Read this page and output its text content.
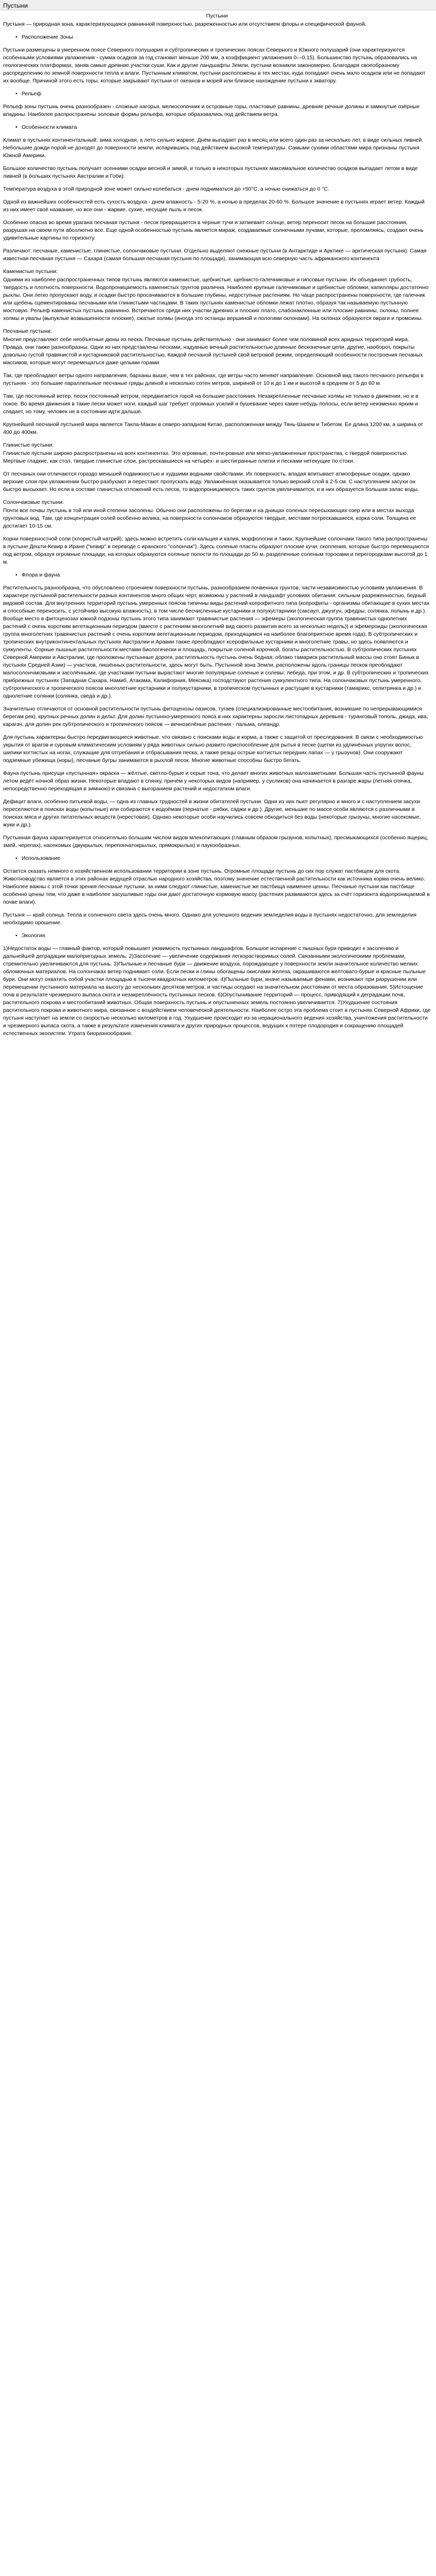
Пустыни
Пустыни

Пустыня — природная зона, характеризующаяся равнинной поверхностью, разреженностью или отсутствием флоры и специфической фауной.

• Расположение Зоны

Пустыни размещены в умеренном поясе Северного полушария и субтропических и тропических поясах Северного и Южного полушарий (они характеризуются особенными условиями увлажнения - сумма осадков за год становит меньше 200 мм, а коэффициент увлажнения 0—0,15). Большинство пустынь образовались на геологических платформах, заняв самые древние участки суши. Как и другие ландшафты Земли, пустыни возникли закономерно. Благодаря своеобразному распределению по земной поверхности тепла и влаги. Пустынным климатом, пустыни расположены в тех местах, куда попадают очень мало осадков или не попадают их вообще. Причиной этого есть горы, которые закрывают пустыни от океанов и морей или близкое нахождение пустыни к экватору.

• Рельеф

Рельеф зоны пустынь очень разнообразен - сложные нагорья, мелкосопочник и островные горы, пластовые равнины, древние речные долины и замкнутые озёрные впадины. Наиболее распространены эоловые формы рельефа, которые образовались под действием ветра.

• Особенности климата

Климат в пустынях континентальный: зима холодная, а лето сильно жаркое. Днём выпадает раз в месяц или всего один раз за несколько лет, в виде сильных ливней. Небольшие дожди порой не доходят до поверхности земли, испарившись под действием высокой температуры. Самыми сухими областями мира признаны пустыня Южной Америки.

Большое количество пустынь получает осенними осадки весной и зимой, и только в некоторых пустынях максимальное количество осадков выпадает летом в виде ливней (в больших пустынях Австралии и Гоби).

Температура воздуха в этой природной зоне может сильно колебаться - днем подниматься до +50°С, а ночью снижаться до 0 °С.

Одной из важнейших особенностей есть сухость воздуха - днем влажность - 5-20 %, а ночью в пределах 20-60 %. Большое значение в пустынях играет ветер. Каждый из них имеет своё название, но все они - жаркие, сухие, несущие пыль и песок.

Особенно опасна во время урагана песчаная пустыня - песок превращается в черные тучи и затмевает солнце, ветер переносит песок на большие расстояния, разрушая на своем пути абсолютно все. Еще одной особенностью пустынь является мираж, создаваемые солнечными лучами, которые, преломляясь, создают очень удивительные картины по горизонту.

Различают: песчаные, каменистые, глинистые, солончаковые пустыни. Отдельно выделяют снежные пустыни (в Антарктиде и Арктике — арктическая пустыня). Самая известная песчаная пустыня — Сахара (самая большая песчаная пустыня по площади), занимающая всю северную часть африканского континента

Каменистые пустыни:

Одними из наиболее распространенных типов пустынь являются каменистые, щебнистые, щебнисто-галечниковые и гипсовые пустыни. Их объединяет грубость, твердость и плотность поверхности. Водопроницаемость каменистых грунтов различна. Наиболее крупные галечниковые и щебнистые обломки, капилляры достаточно рыхлы. Они легко пропускают воду, и осадки быстро просачиваются в большие глубины, недоступные растениям. Но чаще распространены поверхности, где галечник или щебень сцементированы песчаными или глинистыми частицами. В таких пустынях каменистые обломки лежат плотно, образуя так называемую пустынную мостовую. Рельеф каменистых пустынь равнинно. Встречаются среди них участки древних и плоских плато, слабонаклонные или плоские равнины, склоны, полнее холмы и увалы (выпуклые возвышенности плоские), сжатые холмы (иногда это останцы вершиной и пологими склонами). На склонах образуются овраги и промоины.

Песчаные пустыни:

Многие представляют себе необъятные дюны из песка. Песчаные пустынь действительно - они занимают более чем половиной всех аридных территорий мира. Правда, они также разнообразны. Одни из них представлены песками, надувные вечный растительностью длинные бесконечные цепи, другие, наоборот, покрыты довольно густой травянистой и кустарниковой растительностью. Каждой песчаной пустыней свой ветровой режим, определяющий особенности построения песчаных массивов, которые могут перемещаться даже целыми горами.

Так, где преобладают ветры одного направления, барханы выше, чем в тех районах, где ветры часто меняют направление. Основной вид такого песчаного рельефа в пустынях - это большие параллельные песчаные гряды длиной в несколько сотен метров, шириной от 10 и до 1 км и высотой в среднем от 5 до 60 м.

Там, где постоянный ветер, песок постоянный ветром, передвигается горой на большие расстояния. Незакрепленные песчаные холмы не только в движении, но и в покое. Во время движения в такие пески может ноги, каждый шаг требует огромных усилий и бушевание через какие-небудь полосы, если ветер неизменно ярким и спадает, но тому, человек не в состоянии идти дальше.

Крупнейшей песчаной пустыней мира является Такла-Макан в северо-западном Китае, расположенная между Тянь-Шанем и Тибетом. Ее длина 1200 км, а ширина от 400 до 400км.

Глинистые пустыни:

Глинистые пустыни широко распространены на всех континентах. Это огромные, почти-ровные или мягко-увлажненные пространства, с твердой поверхностью. Мертвые гладкие, как стол, твердые глинистые слои, растрескавшиеся на четырёх- и шестигранные плитки и песками нетекущие по стоки.

От песчаных они отличаются гораздо меньшей подвижностью и худшими водными свойствами. Их поверхность, впадая впитывает атмосферные осадки, однако верхние слои при увлажнении быстро разбухают и перестают пропускать воду. Увлажнённая оказывается только верхний слой в 2-5 см. С наступлением засухи он быстро высыхает. Но если в составе глинистых отложений есть песок, то водопроницаемость таких грунтов увеличивается, и в них образуется большая запас воды.

Солончаковые пустыни:

Почти все почвы пустынь в той или иной степени засолены. Обычно они расположены по берегам и на днищах соленых пересыхающих озер или в местах выхода грунтовых вод. Там, где концентрация солей особенно велика, на поверхности солончаков образуются твердые, местами потрескавшиеся, корка соли. Толщина ее достигает 10-15 см.

Корни поверхностной соли (хлористый натрий); здесь можно встретить соли кальция и калия, морфологии и таких. Крупнейшие солончаки такого типа распространены в пустыне Дешти-Кевир в Иране ("кевир" в переводе с иранского "солончак"). Здесь соленые пласты образуют плоские кучи, скопления, которые быстро перемещаются под ветром, образуя огромные площади, на которых образуются соляные полости по площади до 50 м, разделенные соленым торосами и перегородками высотой до 1 м.

• Флора и фауна

Растительность разнообразна, что обусловлено строением поверхности пустынь, разнообразием почвенных грунтов, части независимостью условиям увлажнения. В характере пустынной растительности разных континентов много общих черт, возможны у растений в ландшафт условиях обитания: сильным разреженностью, бедный видовой состав. Для внутренних территорий пустынь умеренных поясов типичны виды растений ксерофитного типа (ксерофиты - организмы обитающие в сухих местах и способные переносить, с устойчиво высокую влажность), в том числе бесчисленные кустарники и полукустарники (саксаул, джузгун, эфедры, солянка, полынь и др.). Вообще место в фитоценозах южной подзоны пустынь этого типа занимают травянистые растения — эфемеры (экологическая группа травянистых однолетних растений с очень коротким вегетационным периодом (вместе с растениям многолетний вид своего развития всего за несколько недель)) и эфемероиды (экологическая группа многолетних травянистых растений с очень коротким вегетационным периодом, приходящимся на наиболее благоприятное время года). В субтропических и тропических внутриконтинентальных пустынях Австралии и Аравии также преобладают ксерофильные кустарники и многолетние травы, но здесь появляются и суккуленты. Сорные пышные растительности местами биологически и площадь, покрытые соленой корочкой, богаты растительностью. В субтропических пустынях Северной Америки и Австралии, где проложены пустынные дороги, растительность пустынь очень бедная; облако тамариск растительный массы оно стоят Бинык в пустынях Средней Азии) — участков, лишённых растительности, здесь могут быть. Пустынной зона Земли, расположены вдоль границы песков преобладают малосолончаковыми и засолёнными, где участками пустыни вырастают многие популярные соленые и солевы: лебеда, при этом, и др. В субтропических и тропических прибрежных пустынях (Западная Сахара, Намиб, Атакама, Калифорния, Мексика) господствуют растения суккулентного типа. На солончаковых пустынь умеренного, субтропического и тропического поясов многолетние кустарники и полукустарники, в тропическом пустынных и растущие в кустарники (тамарикс, селитрянка и др.) и однолетние солянки (солянка, сведа и др.).

Значительно отличаются от основной растительности пустынь фитоценозы оазисов, тугаев (специализированные местообитания, возникшие по непрерывающимися берегам рек), крупных речных долин и дельт. Для долин пустынно-умеренного пояса в них характерны заросли листопадных деревьев - туранговый тополь, джида, ива, карагач, для долин рек субтропического и тропического поясов — вечнозелёные растения - пальма, олеандр.

Для пустынь характерны быстро передвигающиеся животные, что связано с поисками воды и корма, а также с защитой от преследования. В связи с необходимостью укрытия от врагов и суровым климатическим условиям у ряда животных сильно развито приспособление для рытья в песке (щетки из удлинённых упругих волос, шипики когтистых на ногах, служащие для отгребания и отбрасывания песка, а также резцы острые когтистых передних лапах — у грызунов). Они сооружают подземные убежища (норы), песчаные бугры занимаются в рыхлой песок. Многие животные способны быстро бегать.

Фауна пустынь присущи «пустынная» окраска — жёлтые, светло-бурые и серые тона, что делает многих животных малозаметными. Большая часть пустынной фауны летом ведёт ночной образ жизни. Некоторые впадают в спячку, причём у некоторых видов (например, у сусликов) она начинается в разгаре жары (летняя спячка, непосредственно переходящая в зимнюю) и связана с выгоранием растений и недостатком влаги.

Дефицит влаги, особенно питьевой воды, — одна из главных трудностей в жизни обитателей пустыни. Одни из них пьют регулярно и много и с наступлением засухи переселяются в поисках воды (копытные) или собираются к водоёмам (пернатые - рябки, саджи и др.). Другие, меньшие по массе особи являются с различными в поисках мяса и других питательных веществ (нерестовая). Однако некоторые особи научились совсем обходиться без воды (некоторые грызуны, многие насекомые, жуки и др.).

Пустынная фауна характеризуется относительно большим числом видов млекопитающих (главным образом грызунов, копытных), пресмыкающихся (особенно ящериц, змей, черепах), насекомых (двукрылых, перепончатокрылых, прямокрылых) и паукообразных.

• Использование

Остается сказать немного о хозяйственном использовании территории в зоне пустынь. Огромные площади пустынь до сих пор служат пастбищем для скота. Животноводство является в этих районах ведущей отраслью народного хозяйства, поэтому значение естественной растительности как источника корма очень велико. Наиболее важны с этой точки зрения песчаные пустыни, за ними следуют глинистые, каменистые же пастбища наименее ценны. Песчаные пустыни как пастбище особенно ценны тем, что даже в наиболее засушливые годы они дают достаточную кормовую массу (растения развиваются здесь за счёт горизонта водопроницаемой в почве влаги).

Пустыня — край солнца. Тепла и солнечного света здесь очень много. Однако для успешного ведения земледелия воды в пустынях недостаточно, для земледелия необходимо орошение.

• Экология

1)Недостаток воды — главный фактор, который повышает уязвимость пустынных ландшафтов. Большое испарение с пышных бури приводит к засолению и дальнейшей деградации малопригодных земель. 2)Засоление — увеличение содержания легкорастворимых солей. Связанными экологическими проблемами, стремительно увеличиваются для пустынь. 3)Пыльные и песчаные бури — движение воздуха, порождающее у поверхности земли значительное количество мелких обломочных материалов. На солончаках ветер поднимает соли. Если пески и глины обогащены окислами железа, окрашиваются желтовато-бурые и красные пыльные бури. Они могут охватить собой участки площадью в тысячи квадратных километров. 4)Пыльные бури, иначе называемые фенами, возникают при разрушении или перемещении пустынного материала на высоту до нескольких десятков метров, и частицы оседают на значительном расстоянии от места образования. 5)Истощение почв в результате чрезмерного выпаса скота и незакреплённость пустынных песков. 6)Опустынивание территорий — процесс, приводящий к деградации почв, растительного покрова и местообитаний животных. Общая поверхность пустынь и опустыненных земель постоянно увеличивается. 7)Ухудшение состояния растительного покрова и животного мира, связанное с воздействием человеческой деятельности. Наиболее остро эта проблема стоит в пустынях Северной Африки, где пустыня наступает на земли со скоростью несколько километров в год. Ухудшение происходит из-за нерационального ведения хозяйства, уничтожения растительности и чрезмерного выпаса скота, а также в результате изменения климата и других природных процессов, ведущих к потере плодородия и сокращению площадей естественных экосистем. Утрата биоразнообразия.
